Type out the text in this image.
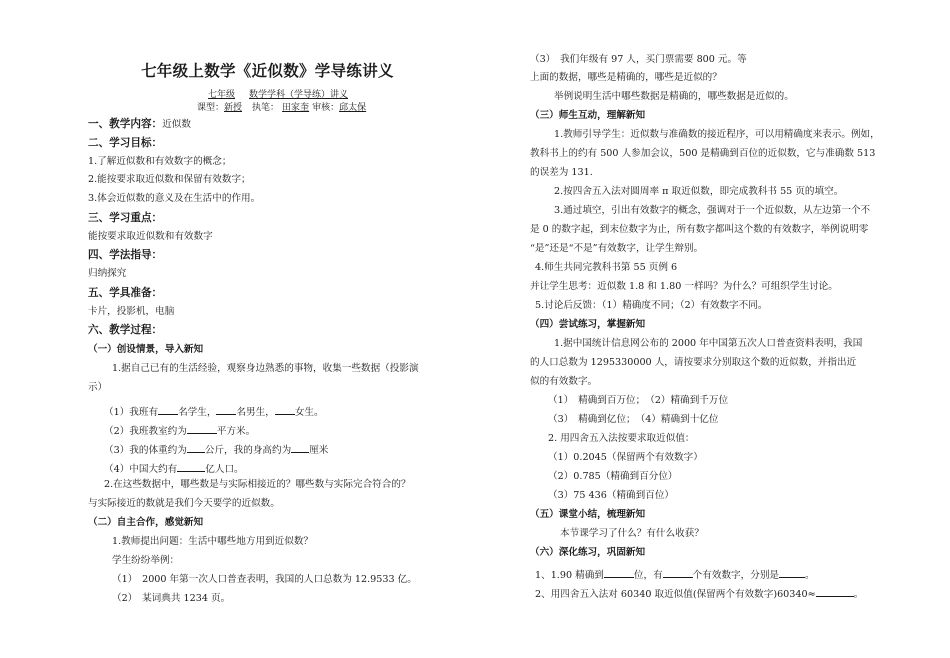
七年级上数学《近似数》学导练讲义
七年级 数学学科（学导练）讲义
课型：新授 执笔： 田家奎 审核：邱太保
一、教学内容：近似数
二、学习目标：
1.了解近似数和有效数字的概念；
2.能按要求取近似数和保留有效数字；
3.体会近似数的意义及在生活中的作用。
三、学习重点：
能按要求取近似数和有效数字
四、学法指导：
归纳探究
五、学具准备：
卡片，投影机，电脑
六、教学过程：
（一）创设情景，导入新知
1.据自己已有的生活经验，观察身边熟悉的事物，收集一些数据（投影演
示）
（1）我班有 名学生， 名男生， 女生。
（2）我班教室约为	平方米。
（3）我的体重约为 公斤，我的身高约为 厘米
（4）中国大约有	亿人口。
2.在这些数据中，哪些数是与实际相接近的？哪些数与实际完合符合的？
与实际接近的数就是我们今天要学的近似数。
（二）自主合作，感觉新知
1.教师提出问题：生活中哪些地方用到近似数？
学生纷纷举例：
（1）　2000 年第一次人口普查表明，我国的人口总数为 12.9533 亿。
（2）　某词典共 1234 页。
（3）　我们年级有 97 人，买门票需要 800 元。等
上面的数据，哪些是精确的，哪些是近似的？
举例说明生活中哪些数据是精确的，哪些数据是近似的。
（三）师生互动，理解新知
1.教师引导学生：近似数与准确数的接近程序，可以用精确度来表示。例如，
教科书上的约有 500 人参加会议，500 是精确到百位的近似数，它与准确数 513
的误差为 131.
2.按四舍五入法对圆周率 π 取近似数，即完成教科书 55 页的填空。
3.通过填空，引出有效数字的概念，强调对于一个近似数，从左边第一个不
是 0 的数字起，到末位数字为止，所有数字都叫这个数的有效数字，举例说明零
“是”还是“不是”有效数字，让学生辩别。
4.师生共同完教科书第 55 页例 6
并让学生思考：近似数 1.8 和 1.80 一样吗？为什么？可组织学生讨论。
5.讨论后反馈：（1）精确度不同；（2）有效数字不同。
（四）尝试练习，掌握新知
1.据中国统计信息网公布的 2000 年中国第五次人口普查资料表明，我国
的人口总数为 1295330000 人，请按要求分别取这个数的近似数，并指出近
似的有效数字。
（1）　精确到百万位；　（2）精确到千万位
（3）　精确到亿位；　（4）精确到十亿位
2. 用四舍五入法按要求取近似值：
（1）0.2045（保留两个有效数字）
（2）0.785（精确到百分位）
（3）75 436（精确到百位）
（五）课堂小结，梳理新知
本节课学习了什么？有什么收获？
（六）深化练习，巩固新知
1、1.90 精确到	位，有	个有效数字，分别是	。
2、用四舍五入法对 60340 取近似值(保留两个有效数字)60340≈	。
